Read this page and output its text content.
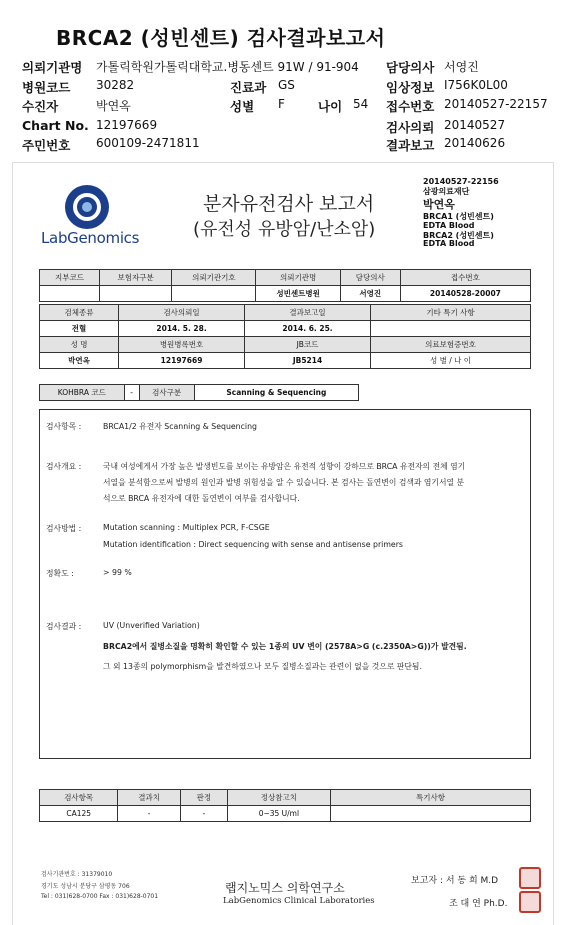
BRCA2 (성빈센트) 검사결과보고서
의뢰기관명 가톨릭학원가톨릭대학교.병동센트 91W / 91-904 담당의사 서영진
병원코드 30282	진료과 GS	임상정보 I756K0L00
수진자	박연옥	성별 F	나이 54 접수번호 20140527-22157
Chart No. 12197669	검사의뢰 20140527
주민번호 600109-2471811	결과보고 20140626
LabGenomics
분자유전검사 보고서
(유전성 유방암/난소암)
20140527-22156
삼광의료재단
박연옥
BRCA1 (성빈센트)
EDTA Blood
BRCA2 (성빈센트)
EDTA Blood
지부코드	보험자구분	의뢰기관기호	의뢰기관명	담당의사	접수번호
			성빈센트병원	서영진	20140528-20007
검체종류	검사의뢰일	결과보고일	기타 특기 사항
전혈	2014. 5. 28.	2014. 6. 25.	
성 명	병원병록번호	JB코드	의료보험증번호
박연옥	12197669	JB5214	성 별 / 나 이
KOHBRA 코드	-	검사구분	Scanning & Sequencing
검사항목 :	BRCA1/2 유전자 Scanning & Sequencing
검사개요 :	국내 여성에게서 가장 높은 발생빈도를 보이는 유방암은 유전적 성향이 강하므로 BRCA 유전자의 전체 염기
서열을 분석함으로써 발병의 원인과 발병 위험성을 알 수 있습니다. 본 검사는 돌연변이 검색과 염기서열 분
석으로 BRCA 유전자에 대한 돌연변이 여부를 검사합니다.
검사방법 :	Mutation scanning : Multiplex PCR, F-CSGE
Mutation identification : Direct sequencing with sense and antisense primers
정확도 :	> 99 %
검사결과 :	UV (Unverified Variation)
BRCA2에서 질병소질을 명확히 확인할 수 있는 1종의 UV 변이 (2578A>G (c.2350A>G))가 발견됨.
그 외 13종의 polymorphism을 발견하였으나 모두 질병소질과는 관련이 없을 것으로 판단됨.
검사항목	결과치	판정	정상참고치	특기사항
CA125	-	-	0~35 U/ml	
검사기관번호 : 31379010
경기도 성남시 분당구 삼평동 706
Tel : 031)628-0700 Fax : 031)628-0701
랩지노믹스 의학연구소
LabGenomics Clinical Laboratories
보고자 : 서 동 희 M.D
조 대 연 Ph.D.
